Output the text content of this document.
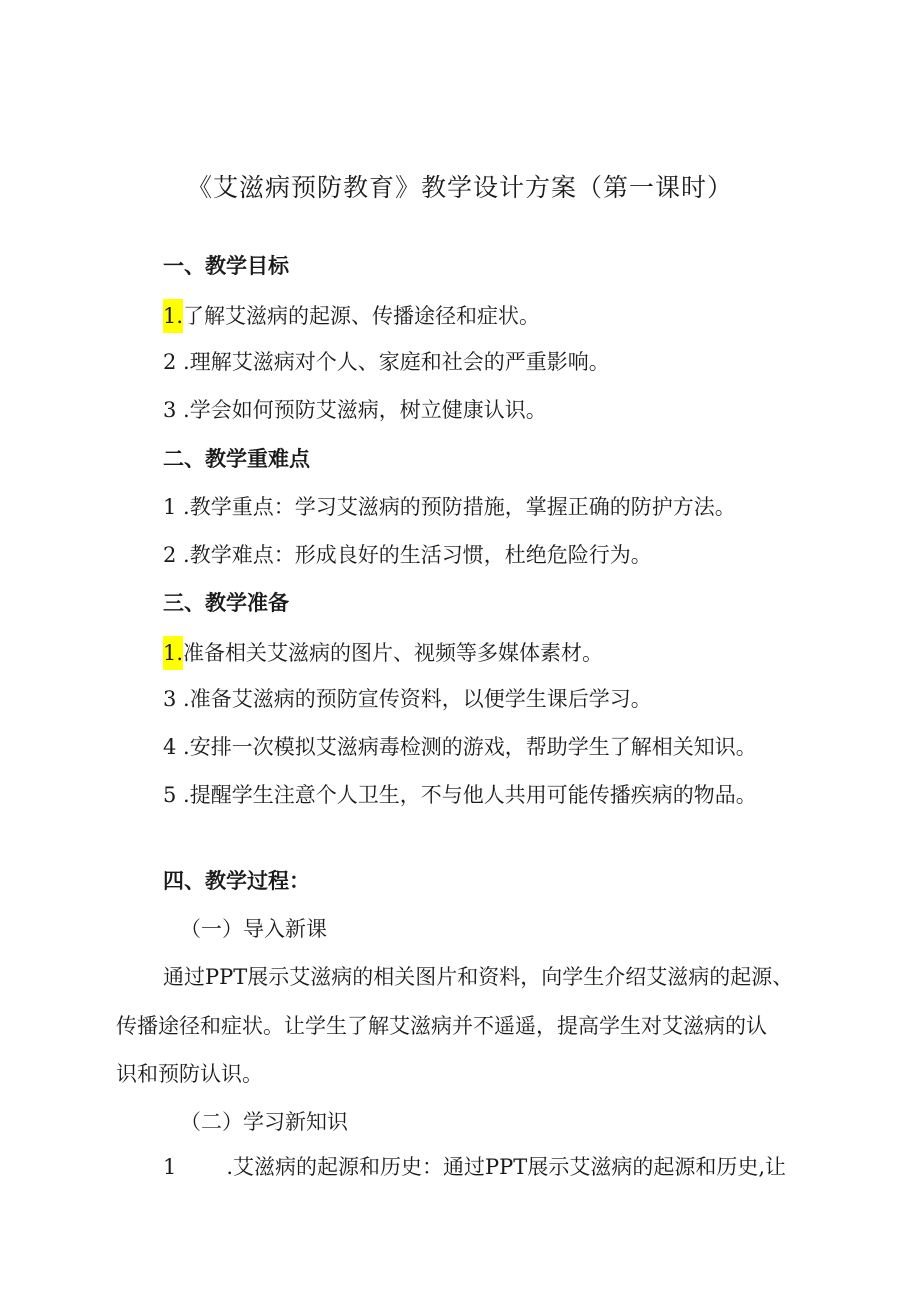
《艾滋病预防教育》教学设计方案（第一课时）
一、教学目标
1.了解艾滋病的起源、传播途径和症状。
2 .理解艾滋病对个人、家庭和社会的严重影响。
3 .学会如何预防艾滋病，树立健康认识。
二、教学重难点
1 .教学重点：学习艾滋病的预防措施，掌握正确的防护方法。
2 .教学难点：形成良好的生活习惯，杜绝危险行为。
三、教学准备
1.准备相关艾滋病的图片、视频等多媒体素材。
3 .准备艾滋病的预防宣传资料，以便学生课后学习。
4 .安排一次模拟艾滋病毒检测的游戏，帮助学生了解相关知识。
5 .提醒学生注意个人卫生，不与他人共用可能传播疾病的物品。
四、教学过程：
（一）导入新课
通过PPT展示艾滋病的相关图片和资料，向学生介绍艾滋病的起源、
传播途径和症状。让学生了解艾滋病并不遥遥，提高学生对艾滋病的认
识和预防认识。
（二）学习新知识
1 .艾滋病的起源和历史：通过PPT展示艾滋病的起源和历史,让
